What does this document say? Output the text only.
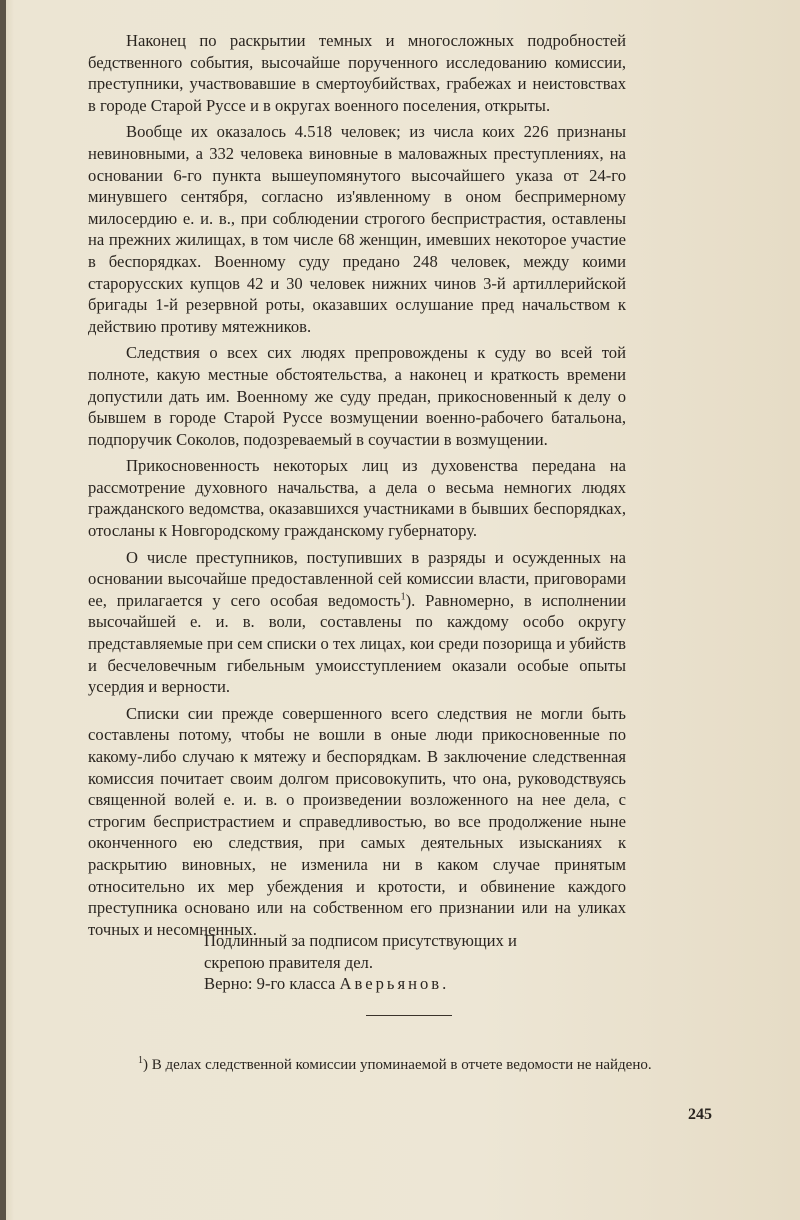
Наконец по раскрытии темных и многосложных подробностей бедственного события, высочайше порученного исследованию комиссии, преступники, участвовавшие в смертоубийствах, грабежах и неистовствах в городе Старой Руссе и в округах военного поселения, открыты.

Вообще их оказалось 4.518 человек; из числа коих 226 признаны невиновными, а 332 человека виновные в маловажных преступлениях, на основании 6-го пункта вышеупомянутого высочайшего указа от 24-го минувшего сентября, согласно из'явленному в оном беспримерному милосердию е. и. в., при соблюдении строгого беспристрастия, оставлены на прежних жилищах, в том числе 68 женщин, имевших некоторое участие в беспорядках. Военному суду предано 248 человек, между коими старорусских купцов 42 и 30 человек нижних чинов 3-й артиллерийской бригады 1-й резервной роты, оказавших ослушание пред начальством к действию противу мятежников.

Следствия о всех сих людях препровождены к суду во всей той полноте, какую местные обстоятельства, а наконец и краткость времени допустили дать им. Военному же суду предан, прикосновенный к делу о бывшем в городе Старой Руссе возмущении военно-рабочего батальона, подпоручик Соколов, подозреваемый в соучастии в возмущении.

Прикосновенность некоторых лиц из духовенства передана на рассмотрение духовного начальства, а дела о весьма немногих людях гражданского ведомства, оказавшихся участниками в бывших беспорядках, отосланы к Новгородскому гражданскому губернатору.

О числе преступников, поступивших в разряды и осужденных на основании высочайше предоставленной сей комиссии власти, приговорами ее, прилагается у сего особая ведомость$^1$). Равномерно, в исполнении высочайшей е. и. в. воли, составлены по каждому особо округу представляемые при сем списки о тех лицах, кои среди позорища и убийств и бесчеловечным гибельным умоисступлением оказали особые опыты усердия и верности.

Списки сии прежде совершенного всего следствия не могли быть составлены потому, чтобы не вошли в оные люди прикосновенные по какому-либо случаю к мятежу и беспорядкам. В заключение следственная комиссия почитает своим долгом присовокупить, что она, руководствуясь священной волей е. и. в. о произведении возложенного на нее дела, с строгим беспристрастием и справедливостью, во все продолжение ныне оконченного ею следствия, при самых деятельных изысканиях к раскрытию виновных, не изменила ни в каком случае принятым относительно их мер убеждения и кротости, и обвинение каждого преступника основано или на собственном его признании или на уликах точных и несомненных.

Подлинный за подписом присутствующих и
скрепою правителя дел.
Верно: 9-го класса Аверьянов.
$^1$) В делах следственной комиссии упоминаемой в отчете ведомости не найдено.
245
